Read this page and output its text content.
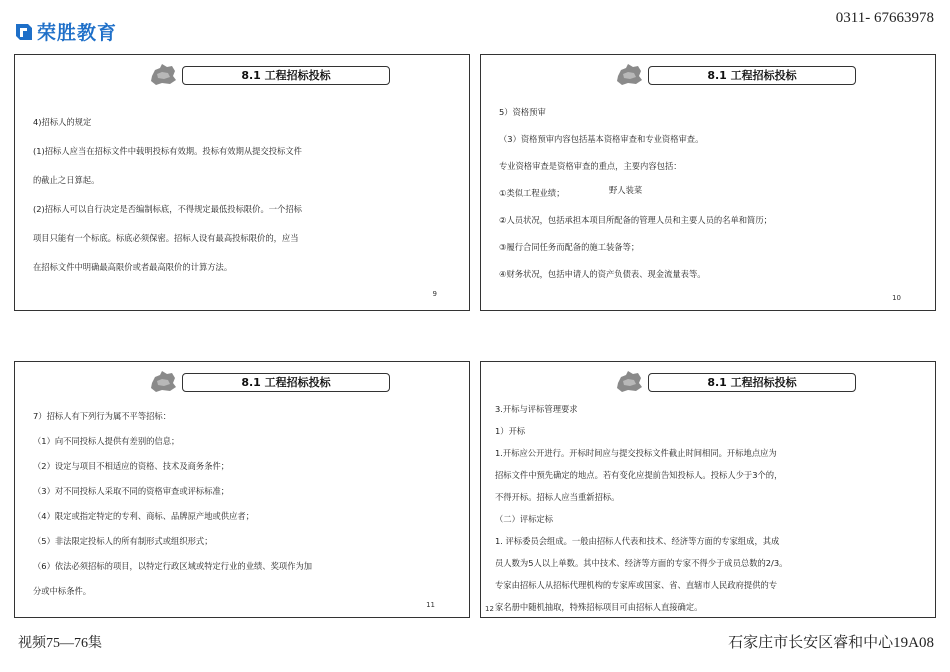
荣胜教育
0311- 67663978
8.1 工程招标投标

4)招标人的规定

(1)招标人应当在招标文件中载明投标有效期。投标有效期从提交投标文件

的截止之日算起。

(2)招标人可以自行决定是否编制标底，不得规定最低投标限价。一个招标

项目只能有一个标底。标底必须保密。招标人设有最高投标限价的，应当

在招标文件中明确最高限价或者最高限价的计算方法。

9
8.1 工程招标投标

5）资格预审

（3）资格预审内容包括基本资格审查和专业资格审查。

专业资格审查是资格审查的重点，主要内容包括：

①类似工程业绩；

②人员状况，包括承担本项目所配备的管理人员和主要人员的名单和简历；

③履行合同任务而配备的施工装备等；

④财务状况，包括申请人的资产负债表、现金流量表等。

野人装菜
10
8.1 工程招标投标

7）招标人有下列行为属不平等招标：

（1）向不同投标人提供有差别的信息；

（2）设定与项目不相适应的资格、技术及商务条件；

（3）对不同投标人采取不同的资格审查或评标标准；

（4）限定或指定特定的专利、商标、品牌原产地或供应者；

（5）非法限定投标人的所有制形式或组织形式；

（6）依法必须招标的项目，以特定行政区域或特定行业的业绩、奖项作为加

分或中标条件。

11
8.1 工程招标投标

3.开标与评标管理要求

1）开标

1.开标应公开进行。开标时间应与提交投标文件截止时间相同。开标地点应为

招标文件中预先确定的地点。若有变化应提前告知投标人。投标人少于3个的，

不得开标。招标人应当重新招标。

（二）评标定标

1. 评标委员会组成。一般由招标人代表和技术、经济等方面的专家组成，其成

员人数为5人以上单数。其中技术、经济等方面的专家不得少于成员总数的2/3。

专家由招标人从招标代理机构的专家库或国家、省、直辖市人民政府提供的专

家名册中随机抽取，特殊招标项目可由招标人直接确定。

12
视频75—76集	石家庄市长安区睿和中心19A08
